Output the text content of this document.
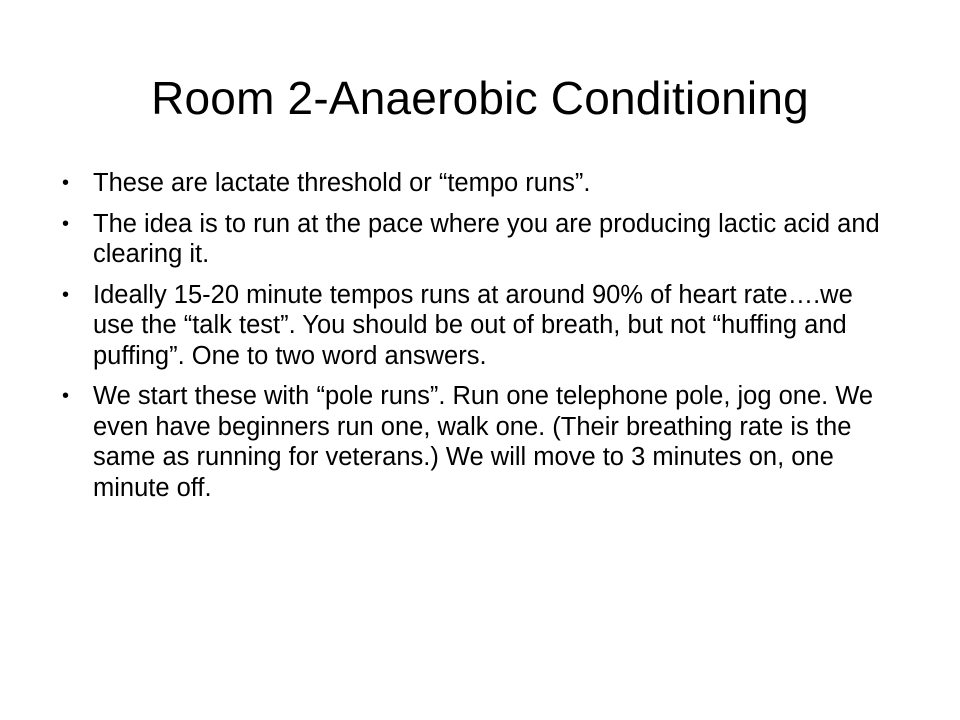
Room 2-Anaerobic Conditioning
• These are lactate threshold or “tempo runs”.
• The idea is to run at the pace where you are producing lactic acid and clearing it.
• Ideally 15-20 minute tempos runs at around 90% of heart rate….we use the “talk test”. You should be out of breath, but not “huffing and puffing”. One to two word answers.
• We start these with “pole runs”. Run one telephone pole, jog one. We even have beginners run one, walk one. (Their breathing rate is the same as running for veterans.) We will move to 3 minutes on, one minute off.
